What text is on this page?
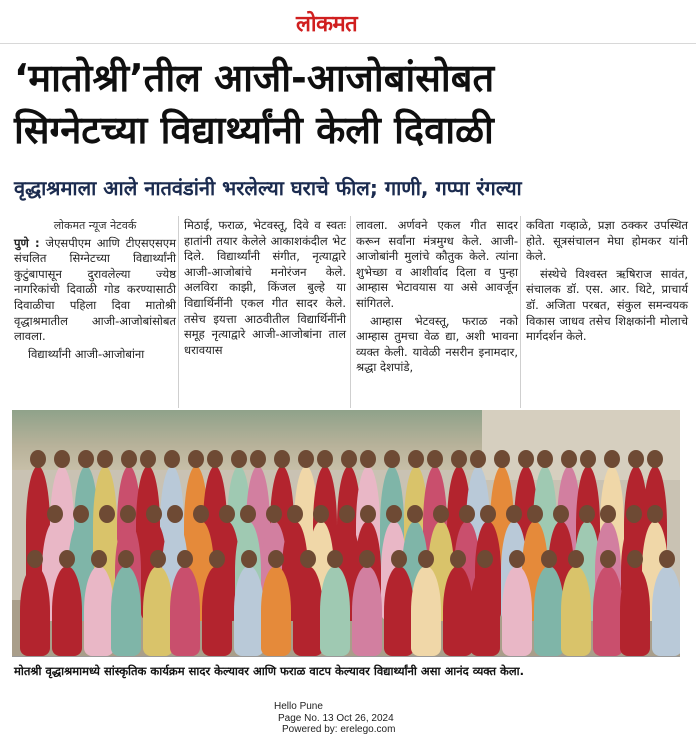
लोकमत
‘मातोश्री’तील आजी-आजोबांसोबत
सिग्नेटच्या विद्यार्थ्यांनी केली दिवाळी
वृद्धाश्रमाला आले नातवंडांनी भरलेल्या घराचे फील; गाणी, गप्पा रंगल्या
लोकमत न्यूज नेटवर्क

पुणे : जेएसपीएम आणि टीएसएसएम संचलित सिग्नेटच्या विद्यार्थ्यांनी कुटुंबापासून दुरावलेल्या ज्येष्ठ नागरिकांची दिवाळी गोड करण्यासाठी दिवाळीचा पहिला दिवा मातोश्री वृद्धाश्रमातील आजी-आजोबांसोबत लावला.

विद्यार्थ्यांनी आजी-आजोबांना

मिठाई, फराळ, भेटवस्तू, दिवे व स्वतः हातांनी तयार केलेले आकाशकंदील भेट दिले. विद्यार्थ्यांनी संगीत, नृत्याद्वारे आजी-आजोबांचे मनोरंजन केले. अलविरा काझी, किंजल बुल्हे या विद्यार्थिनींनी एकल गीत सादर केले. तसेच इयत्ता आठवीतील विद्यार्थिनींनी समूह नृत्याद्वारे आजी-आजोबांना ताल धरावयास

लावला. अर्णवने एकल गीत सादर करून सर्वांना मंत्रमुग्ध केले. आजी-आजोबांनी मुलांचे कौतुक केले. त्यांना शुभेच्छा व आशीर्वाद दिला व पुन्हा आम्हास भेटावयास या असे आवर्जून सांगितले.

आम्हास भेटवस्तू, फराळ नको आम्हास तुमचा वेळ द्या, अशी भावना व्यक्त केली. यावेळी नसरीन इनामदार, श्रद्धा देशपांडे,

कविता गव्हाळे, प्रज्ञा ठक्कर उपस्थित होते. सूत्रसंचालन मेघा होमकर यांनी केले.

संस्थेचे विश्वस्त ऋषिराज सावंत, संचालक डॉ. एस. आर. थिटे, प्राचार्य डॉ. अजिता परबत, संकुल समन्वयक विकास जाधव तसेच शिक्षकांनी मोलाचे मार्गदर्शन केले.

मोतश्री वृद्धाश्रमामध्ये सांस्कृतिक कार्यक्रम सादर केल्यावर आणि फराळ वाटप केल्यावर विद्यार्थ्यांनी असा आनंद व्यक्त केला.
Hello Pune
Page No. 13 Oct 26, 2024
Powered by: erelego.com
